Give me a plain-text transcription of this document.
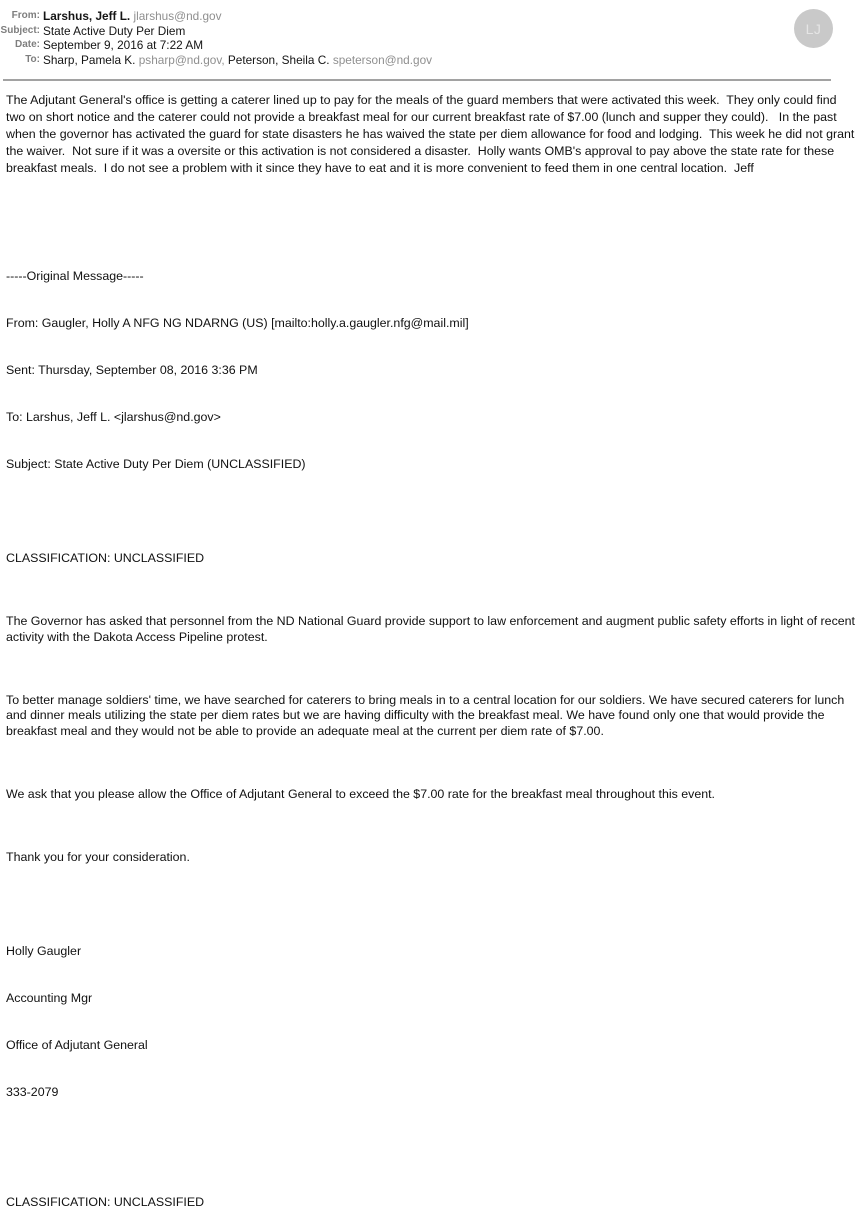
From: Larshus, Jeff L. jlarshus@nd.gov
Subject: State Active Duty Per Diem
Date: September 9, 2016 at 7:22 AM
To: Sharp, Pamela K. psharp@nd.gov, Peterson, Sheila C. speterson@nd.gov
LJ
The Adjutant General's office is getting a caterer lined up to pay for the meals of the guard members that were activated this week.  They only could find two on short notice and the caterer could not provide a breakfast meal for our current breakfast rate of $7.00 (lunch and supper they could).   In the past when the governor has activated the guard for state disasters he has waived the state per diem allowance for food and lodging.  This week he did not grant the waiver.  Not sure if it was a oversite or this activation is not considered a disaster.  Holly wants OMB's approval to pay above the state rate for these breakfast meals.  I do not see a problem with it since they have to eat and it is more convenient to feed them in one central location.  Jeff

-----Original Message-----

From: Gaugler, Holly A NFG NG NDARNG (US) [mailto:holly.a.gaugler.nfg@mail.mil]

Sent: Thursday, September 08, 2016 3:36 PM

To: Larshus, Jeff L. <jlarshus@nd.gov>

Subject: State Active Duty Per Diem (UNCLASSIFIED)

CLASSIFICATION: UNCLASSIFIED

The Governor has asked that personnel from the ND National Guard provide support to law enforcement and augment public safety efforts in light of recent activity with the Dakota Access Pipeline protest.

To better manage soldiers' time, we have searched for caterers to bring meals in to a central location for our soldiers. We have secured caterers for lunch and dinner meals utilizing the state per diem rates but we are having difficulty with the breakfast meal. We have found only one that would provide the breakfast meal and they would not be able to provide an adequate meal at the current per diem rate of $7.00.

We ask that you please allow the Office of Adjutant General to exceed the $7.00 rate for the breakfast meal throughout this event.

Thank you for your consideration.

Holly Gaugler

Accounting Mgr

Office of Adjutant General

333-2079

CLASSIFICATION: UNCLASSIFIED
